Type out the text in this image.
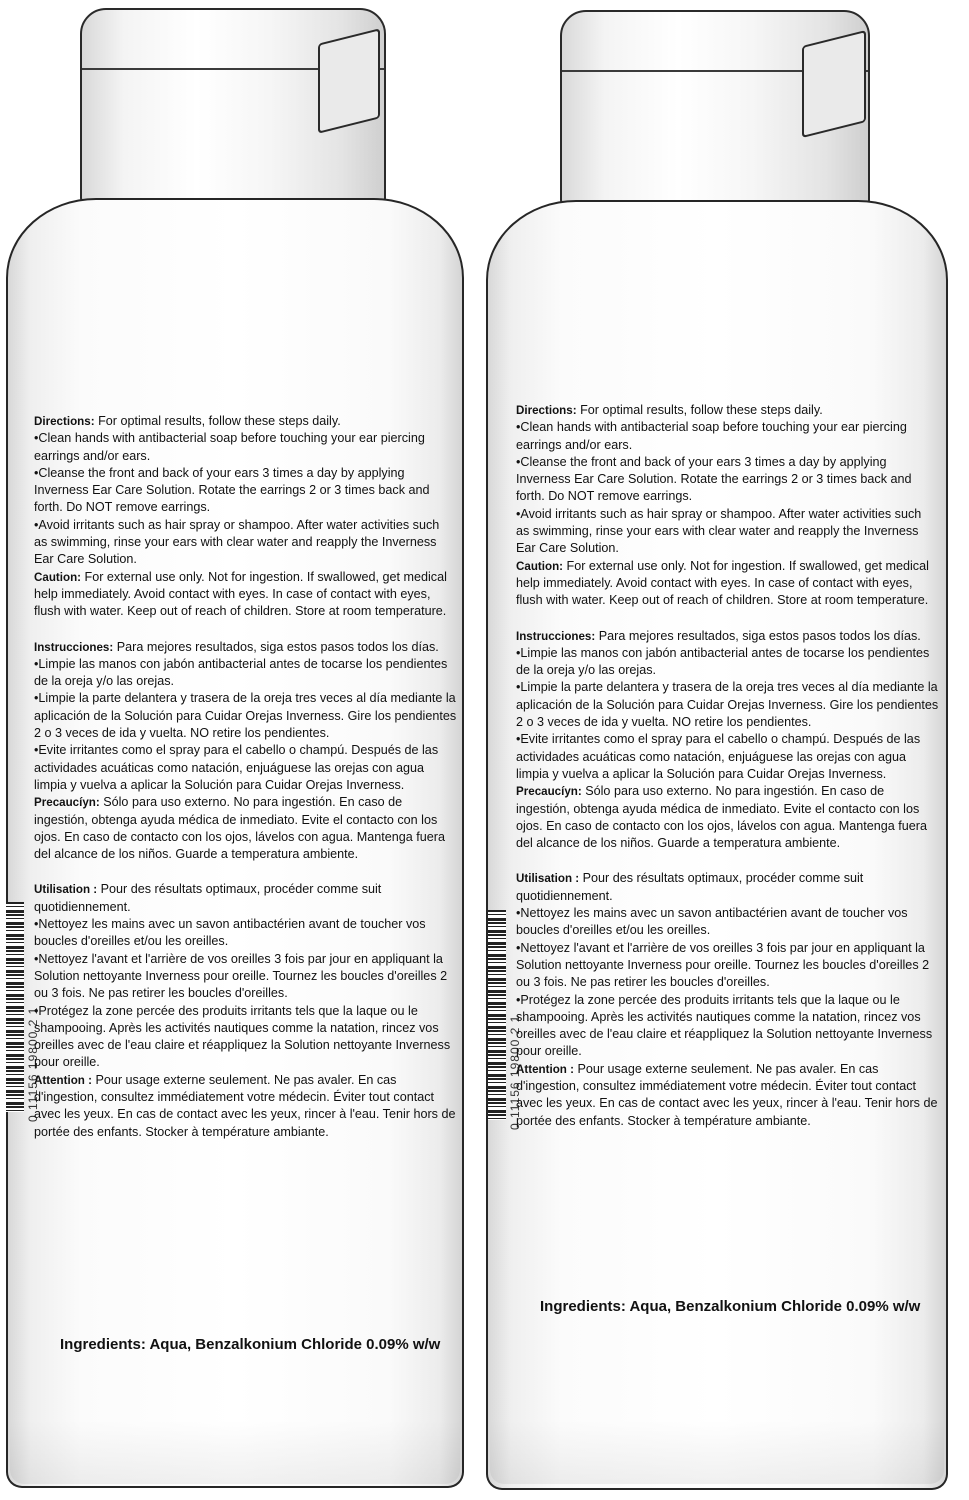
0 11156 19800 2 1

Directions: For optimal results, follow these steps daily.

•Clean hands with antibacterial soap before touching your ear piercing

earrings and/or ears.

•Cleanse the front and back of your ears 3 times a day by applying

Inverness Ear Care Solution. Rotate the earrings 2 or 3 times back and

forth. Do NOT remove earrings.

•Avoid irritants such as hair spray or shampoo. After water activities such

as swimming, rinse your ears with clear water and reapply the Inverness

Ear Care Solution.

Caution: For external use only. Not for ingestion. If swallowed, get medical

help immediately. Avoid contact with eyes. In case of contact with eyes,

flush with water. Keep out of reach of children. Store at room temperature.

Instrucciones: Para mejores resultados, siga estos pasos todos los días.

•Limpie las manos con jabón antibacterial antes de tocarse los pendientes

de la oreja y/o las orejas.

•Limpie la parte delantera y trasera de la oreja tres veces al día mediante la

aplicación de la Solución para Cuidar Orejas Inverness. Gire los pendientes

2 o 3 veces de ida y vuelta. NO retire los pendientes.

•Evite irritantes como el spray para el cabello o champú. Después de las

actividades acuáticas como natación, enjuáguese las orejas con agua

limpia y vuelva a aplicar la Solución para Cuidar Orejas Inverness.

Precaucíyn: Sólo para uso externo. No para ingestión. En caso de

ingestión, obtenga ayuda médica de inmediato. Evite el contacto con los

ojos. En caso de contacto con los ojos, lávelos con agua. Mantenga fuera

del alcance de los niños. Guarde a temperatura ambiente.

Utilisation : Pour des résultats optimaux, procéder comme suit

quotidiennement.

•Nettoyez les mains avec un savon antibactérien avant de toucher vos

boucles d'oreilles et/ou les oreilles.

•Nettoyez l'avant et l'arrière de vos oreilles 3 fois par jour en appliquant la

Solution nettoyante Inverness pour oreille. Tournez les boucles d'oreilles 2

ou 3 fois. Ne pas retirer les boucles d'oreilles.

•Protégez la zone percée des produits irritants tels que la laque ou le

shampooing. Après les activités nautiques comme la natation, rincez vos

oreilles avec de l'eau claire et réappliquez la Solution nettoyante Inverness

pour oreille.

Attention : Pour usage externe seulement. Ne pas avaler. En cas

d'ingestion, consultez immédiatement votre médecin. Éviter tout contact

avec les yeux. En cas de contact avec les yeux, rincer à l'eau. Tenir hors de

portée des enfants. Stocker à température ambiante.

Ingredients: Aqua, Benzalkonium Chloride 0.09% w/w
0 11156 19800 2 1

Directions: For optimal results, follow these steps daily.

•Clean hands with antibacterial soap before touching your ear piercing

earrings and/or ears.

•Cleanse the front and back of your ears 3 times a day by applying

Inverness Ear Care Solution. Rotate the earrings 2 or 3 times back and

forth. Do NOT remove earrings.

•Avoid irritants such as hair spray or shampoo. After water activities such

as swimming, rinse your ears with clear water and reapply the Inverness

Ear Care Solution.

Caution: For external use only. Not for ingestion. If swallowed, get medical

help immediately. Avoid contact with eyes. In case of contact with eyes,

flush with water. Keep out of reach of children. Store at room temperature.

Instrucciones: Para mejores resultados, siga estos pasos todos los días.

•Limpie las manos con jabón antibacterial antes de tocarse los pendientes

de la oreja y/o las orejas.

•Limpie la parte delantera y trasera de la oreja tres veces al día mediante la

aplicación de la Solución para Cuidar Orejas Inverness. Gire los pendientes

2 o 3 veces de ida y vuelta. NO retire los pendientes.

•Evite irritantes como el spray para el cabello o champú. Después de las

actividades acuáticas como natación, enjuáguese las orejas con agua

limpia y vuelva a aplicar la Solución para Cuidar Orejas Inverness.

Precaucíyn: Sólo para uso externo. No para ingestión. En caso de

ingestión, obtenga ayuda médica de inmediato. Evite el contacto con los

ojos. En caso de contacto con los ojos, lávelos con agua. Mantenga fuera

del alcance de los niños. Guarde a temperatura ambiente.

Utilisation : Pour des résultats optimaux, procéder comme suit

quotidiennement.

•Nettoyez les mains avec un savon antibactérien avant de toucher vos

boucles d'oreilles et/ou les oreilles.

•Nettoyez l'avant et l'arrière de vos oreilles 3 fois par jour en appliquant la

Solution nettoyante Inverness pour oreille. Tournez les boucles d'oreilles 2

ou 3 fois. Ne pas retirer les boucles d'oreilles.

•Protégez la zone percée des produits irritants tels que la laque ou le

shampooing. Après les activités nautiques comme la natation, rincez vos

oreilles avec de l'eau claire et réappliquez la Solution nettoyante Inverness

pour oreille.

Attention : Pour usage externe seulement. Ne pas avaler. En cas

d'ingestion, consultez immédiatement votre médecin. Éviter tout contact

avec les yeux. En cas de contact avec les yeux, rincer à l'eau. Tenir hors de

portée des enfants. Stocker à température ambiante.

Ingredients: Aqua, Benzalkonium Chloride 0.09% w/w
